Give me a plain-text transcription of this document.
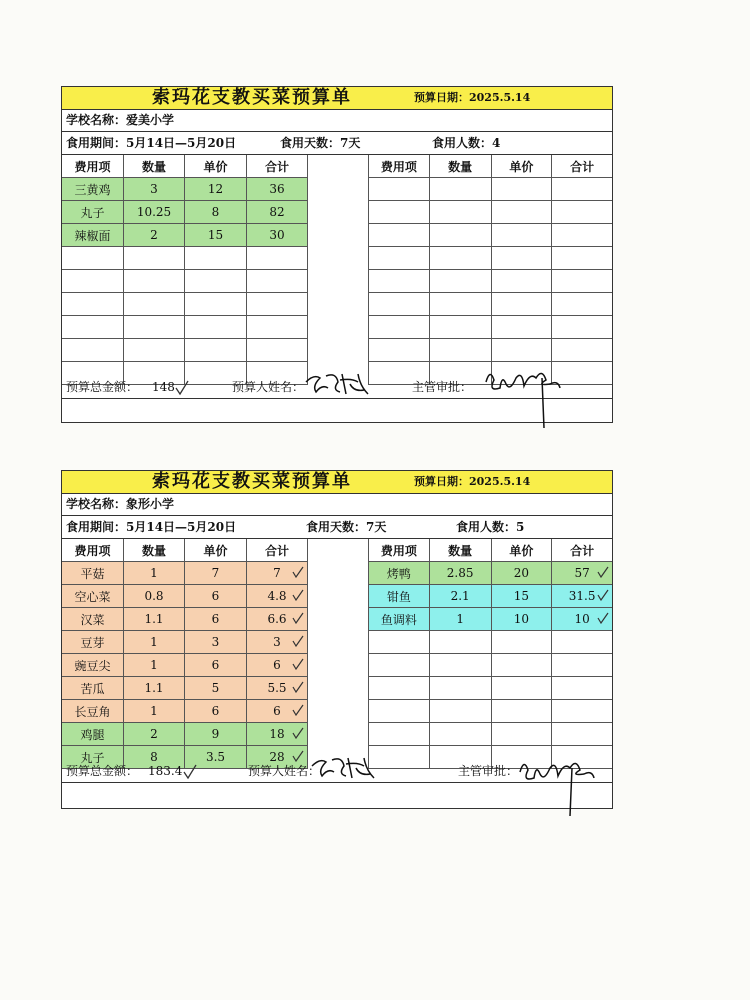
索玛花支教买菜预算单	预算日期：2025.5.14
学校名称：爱美小学
食用期间：5月14日—5月20日	食用天数：7天	食用人数：4
费用项	数量	单价	合计
三黄鸡	3	12	36
丸子	10.25	8	82
辣椒面	2	15	30

费用项	数量	单价	合计

预算总金额： 148	预算人姓名：	主管审批：
索玛花支教买菜预算单	预算日期：2025.5.14
学校名称：象形小学
食用期间：5月14日—5月20日	食用天数：7天	食用人数：5
费用项	数量	单价	合计
平菇	1	7	7

空心菜	0.8	6	4.8

汉菜	1.1	6	6.6

豆芽	1	3	3

豌豆尖	1	6	6

苦瓜	1.1	5	5.5

长豆角	1	6	6

鸡腿	2	9	18

丸子	8	3.5	28
费用项	数量	单价	合计
烤鸭	2.85	20	57

钳鱼	2.1	15	31.5

鱼调料	1	10	10

预算总金额： 183.4	预算人姓名：	主管审批：
